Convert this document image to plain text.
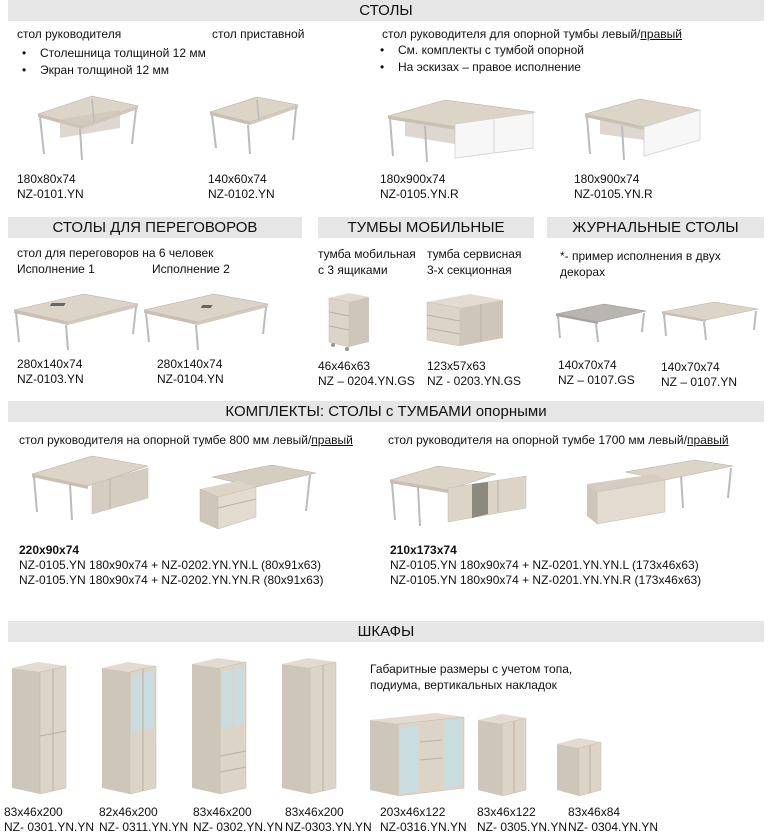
СТОЛЫ
стол руководителя	стол приставной	стол руководителя для опорной тумбы левый/правый
• Столешница толщиной 12 мм
• Экран толщиной 12 мм
• См. комплекты с тумбой опорной
• На эскизах – правое исполнение
180x80x74
NZ-0101.YN
140x60x74
NZ-0102.YN
180x900x74
NZ-0105.YN.R
180x900x74
NZ-0105.YN.R
СТОЛЫ ДЛЯ ПЕРЕГОВОРОВ	ТУМБЫ МОБИЛЬНЫЕ	ЖУРНАЛЬНЫЕ СТОЛЫ
стол для переговоров на 6 человек
Исполнение 1	Исполнение 2
тумба мобильная
с 3 ящиками
тумба сервисная
3-х секционная
*- пример исполнения в двух
декорах
280x140x74
NZ-0103.YN
280x140x74
NZ-0104.YN
46x46x63
NZ – 0204.YN.GS
123x57x63
NZ - 0203.YN.GS
140x70x74
NZ – 0107.GS
140x70x74
NZ – 0107.YN
КОМПЛЕКТЫ: СТОЛЫ с ТУМБАМИ опорными
стол руководителя на опорной тумбе 800 мм левый/правый	стол руководителя на опорной тумбе 1700 мм левый/правый
220x90x74
NZ-0105.YN 180x90x74 + NZ-0202.YN.YN.L (80x91x63)
NZ-0105.YN 180x90x74 + NZ-0202.YN.YN.R (80x91x63)
210x173x74
NZ-0105.YN 180x90x74 + NZ-0201.YN.YN.L (173x46x63)
NZ-0105.YN 180x90x74 + NZ-0201.YN.YN.R (173x46x63)
ШКАФЫ
Габаритные размеры с учетом топа,
подиума, вертикальных накладок
83x46x200
NZ- 0301.YN.YN
82x46x200
NZ- 0311.YN.YN
83x46x200
NZ- 0302.YN.YN
83x46x200
NZ-0303.YN.YN
203x46x122
NZ-0316.YN.YN
83x46x122
NZ- 0305.YN.YN
83x46x84
NZ- 0304.YN.YN
